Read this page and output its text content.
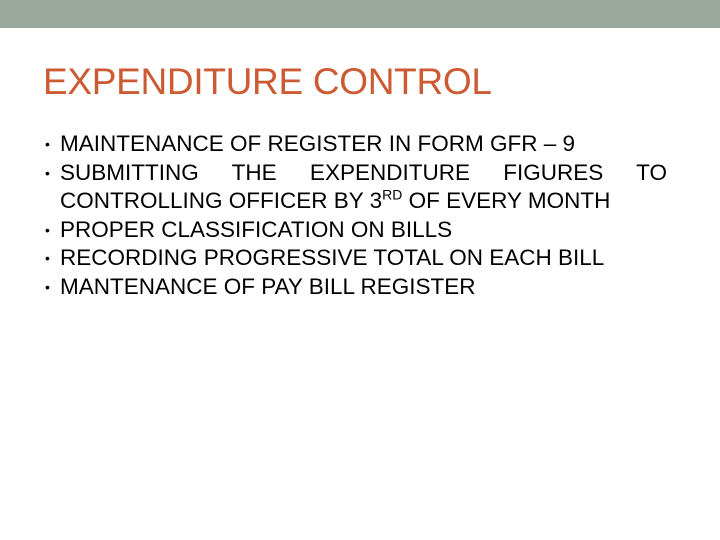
EXPENDITURE CONTROL
• MAINTENANCE OF REGISTER IN FORM GFR – 9
• SUBMITTING THE EXPENDITURE FIGURES TO CONTROLLING OFFICER BY 3RD OF EVERY MONTH
• PROPER CLASSIFICATION ON BILLS
• RECORDING PROGRESSIVE TOTAL ON EACH BILL
• MANTENANCE OF PAY BILL REGISTER
